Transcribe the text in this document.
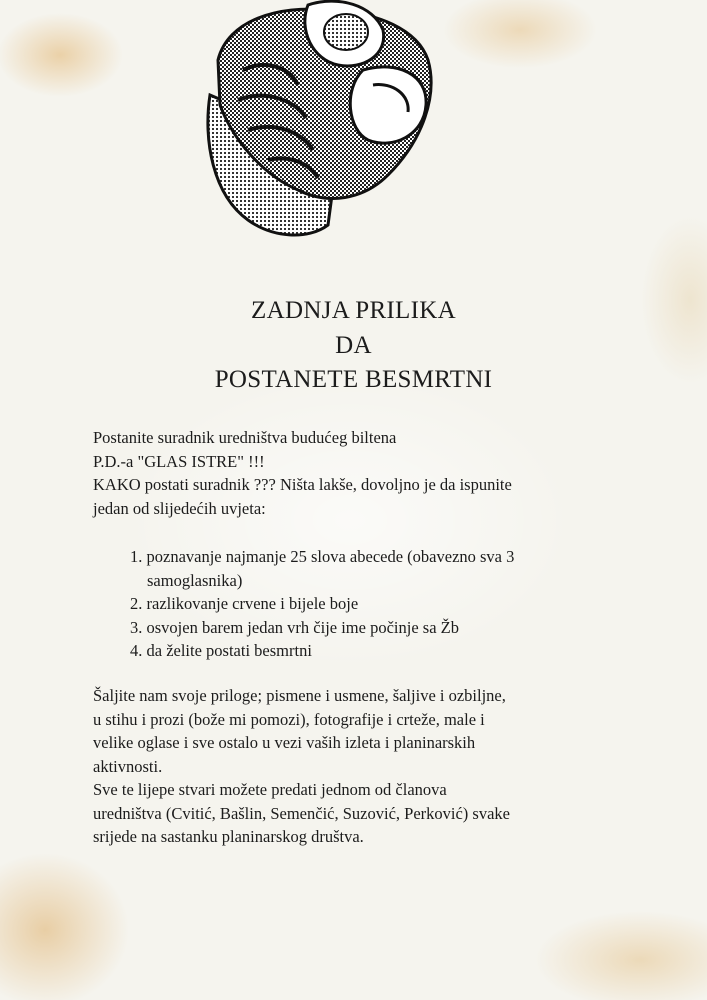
ZADNJA PRILIKA
DA
POSTANETE BESMRTNI
Postanite suradnik uredništva budućeg biltena
P.D.-a "GLAS ISTRE" !!!
KAKO postati suradnik ??? Ništa lakše, dovoljno je da ispunite
jedan od slijedećih uvjeta:
1. poznavanje najmanje 25 slova abecede (obavezno sva 3
samoglasnika)
2. razlikovanje crvene i bijele boje
3. osvojen barem jedan vrh čije ime počinje sa Žb
4. da želite postati besmrtni
Šaljite nam svoje priloge; pismene i usmene, šaljive i ozbiljne,
u stihu i prozi (bože mi pomozi), fotografije i crteže, male i
velike oglase i sve ostalo u vezi vaših izleta i planinarskih
aktivnosti.
Sve te lijepe stvari možete predati jednom od članova
uredništva (Cvitić, Bašlin, Semenčić, Suzović, Perković) svake
srijede na sastanku planinarskog društva.
